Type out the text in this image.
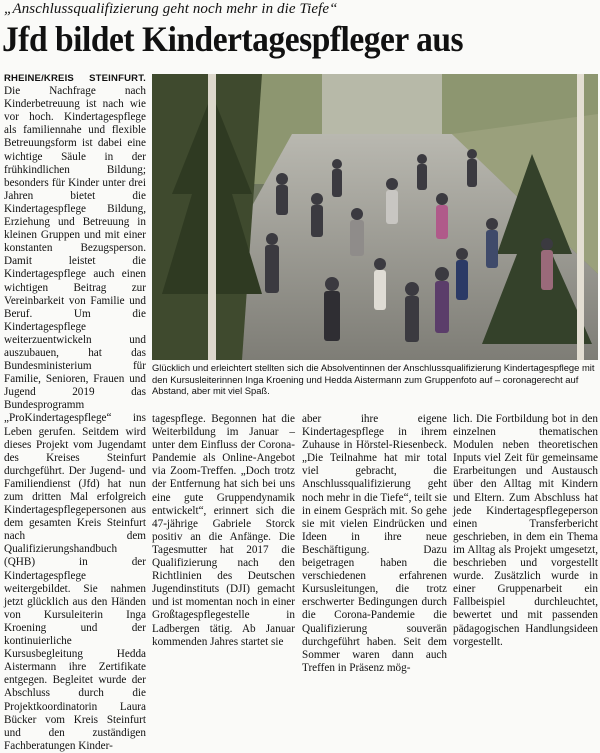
„Anschlussqualifizierung geht noch mehr in die Tiefe“
Jfd bildet Kindertagespfleger aus

RHEINE/KREIS STEINFURT. Die Nachfrage nach Kinderbetreuung ist nach wie vor hoch. Kindertagespflege als familiennahe und flexible Betreuungsform ist dabei eine wichtige Säule in der frühkindlichen Bildung; besonders für Kinder unter drei Jahren bietet die Kindertagespflege Bildung, Erziehung und Betreuung in kleinen Gruppen und mit einer konstanten Bezugsperson. Damit leistet die Kindertagespflege auch einen wichtigen Beitrag zur Vereinbarkeit von Familie und Beruf. Um die Kindertagespflege weiterzuentwickeln und auszubauen, hat das Bundesministerium für Familie, Senioren, Frauen und Jugend 2019 das Bundesprogramm „ProKindertagespflege“ ins Leben gerufen. Seitdem wird dieses Projekt vom Jugendamt des Kreises Steinfurt durchgeführt. Der Jugend- und Familiendienst (Jfd) hat nun zum dritten Mal erfolgreich Kindertagespflegepersonen aus dem gesamten Kreis Steinfurt nach dem Qualifizierungshandbuch (QHB) in der Kindertagespflege weitergebildet. Sie nahmen jetzt glücklich aus den Händen von Kursuleiterin Inga Kroening und der kontinuierliche Kursusbegleitung Hedda Aistermann ihre Zertifikate entgegen. Begleitet wurde der Abschluss durch die Projektkoordinatorin Laura Bücker vom Kreis Steinfurt und den zuständigen Fachberatungen Kinder-

Glücklich und erleichtert stellten sich die Absolventinnen der Anschlussqualifizierung Kindertagespflege mit den Kursusleiterinnen Inga Kroening und Hedda Aistermann zum Gruppenfoto auf – coronagerecht auf Abstand, aber mit viel Spaß.

tagespflege. Begonnen hat die Weiterbildung im Januar – unter dem Einfluss der Corona-Pandemie als Online-Angebot via Zoom-Treffen. „Doch trotz der Entfernung hat sich bei uns eine gute Gruppendynamik entwickelt“, erinnert sich die 47-jährige Gabriele Storck positiv an die Anfänge. Die Tagesmutter hat 2017 die Qualifizierung nach den Richtlinien des Deutschen Jugendinstituts (DJI) gemacht und ist momentan noch in einer Großtagespflegestelle in Ladbergen tätig. Ab Januar kommenden Jahres startet sie

aber ihre eigene Kindertagespflege in ihrem Zuhause in Hörstel-Riesenbeck. „Die Teilnahme hat mir total viel gebracht, die Anschlussqualifizierung geht noch mehr in die Tiefe“, teilt sie in einem Gespräch mit. So gehe sie mit vielen Eindrücken und Ideen in ihre neue Beschäftigung. Dazu beigetragen haben die verschiedenen erfahrenen Kursusleitungen, die trotz erschwerter Bedingungen durch die Corona-Pandemie die Qualifizierung souverän durchgeführt haben. Seit dem Sommer waren dann auch Treffen in Präsenz mög-

lich. Die Fortbildung bot in den einzelnen thematischen Modulen neben theoretischen Inputs viel Zeit für gemeinsame Erarbeitungen und Austausch über den Alltag mit Kindern und Eltern. Zum Abschluss hat jede Kindertagespflegeperson einen Transferbericht geschrieben, in dem ein Thema im Alltag als Projekt umgesetzt, beschrieben und vorgestellt wurde. Zusätzlich wurde in einer Gruppenarbeit ein Fallbeispiel durchleuchtet, bewertet und mit passenden pädagogischen Handlungsideen vorgestellt.
